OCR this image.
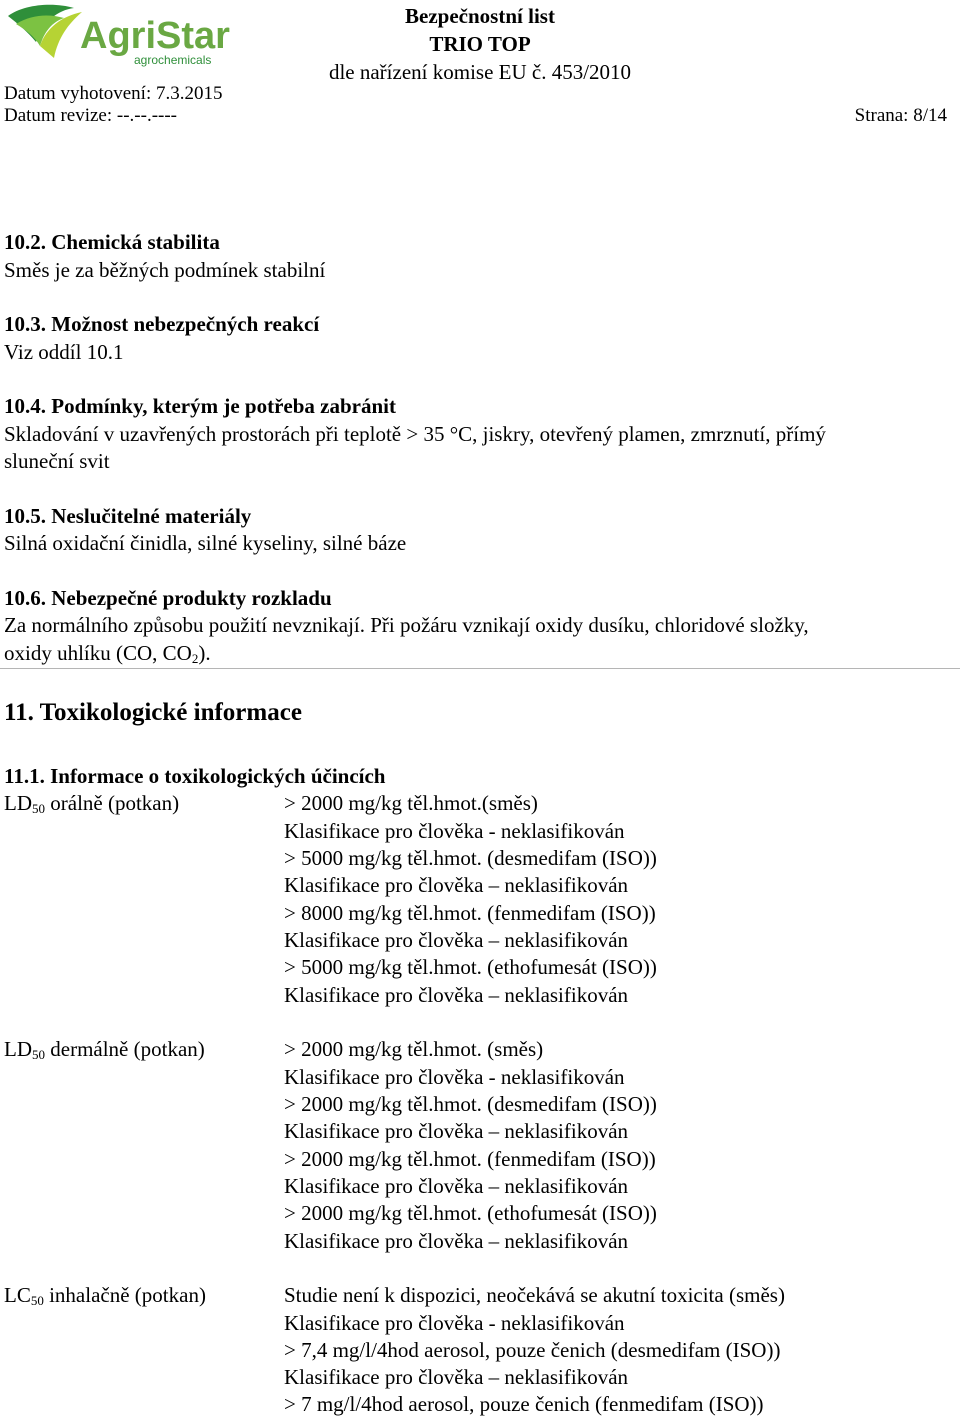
AgriStar
agrochemicals
Bezpečnostní list
TRIO TOP
dle nařízení komise EU č. 453/2010
Datum vyhotovení: 7.3.2015
Datum revize: --.--.----	Strana: 8/14
10.2. Chemická stabilita
Směs je za běžných podmínek stabilní
10.3. Možnost nebezpečných reakcí
Viz oddíl 10.1
10.4. Podmínky, kterým je potřeba zabránit
Skladování v uzavřených prostorách při teplotě > 35 °C, jiskry, otevřený plamen, zmrznutí, přímý
sluneční svit
10.5. Neslučitelné materiály
Silná oxidační činidla, silné kyseliny, silné báze
10.6. Nebezpečné produkty rozkladu
Za normálního způsobu použití nevznikají. Při požáru vznikají oxidy dusíku, chloridové složky,
oxidy uhlíku (CO, $CO_2$).
11. Toxikologické informace
11.1. Informace o toxikologických účincích
$LD_{50}$ orálně (potkan)	> 2000 mg/kg těl.hmot.(směs)
Klasifikace pro člověka - neklasifikován
> 5000 mg/kg těl.hmot. (desmedifam (ISO))
Klasifikace pro člověka – neklasifikován
> 8000 mg/kg těl.hmot. (fenmedifam (ISO))
Klasifikace pro člověka – neklasifikován
> 5000 mg/kg těl.hmot. (ethofumesát (ISO))
Klasifikace pro člověka – neklasifikován
$LD_{50}$ dermálně (potkan)	> 2000 mg/kg těl.hmot. (směs)
Klasifikace pro člověka - neklasifikován
> 2000 mg/kg těl.hmot. (desmedifam (ISO))
Klasifikace pro člověka – neklasifikován
> 2000 mg/kg těl.hmot. (fenmedifam (ISO))
Klasifikace pro člověka – neklasifikován
> 2000 mg/kg těl.hmot. (ethofumesát (ISO))
Klasifikace pro člověka – neklasifikován
$LC_{50}$ inhalačně (potkan)	Studie není k dispozici, neočekává se akutní toxicita (směs)
Klasifikace pro člověka - neklasifikován
> 7,4 mg/l/4hod aerosol, pouze čenich (desmedifam (ISO))
Klasifikace pro člověka – neklasifikován
> 7 mg/l/4hod aerosol, pouze čenich (fenmedifam (ISO))
